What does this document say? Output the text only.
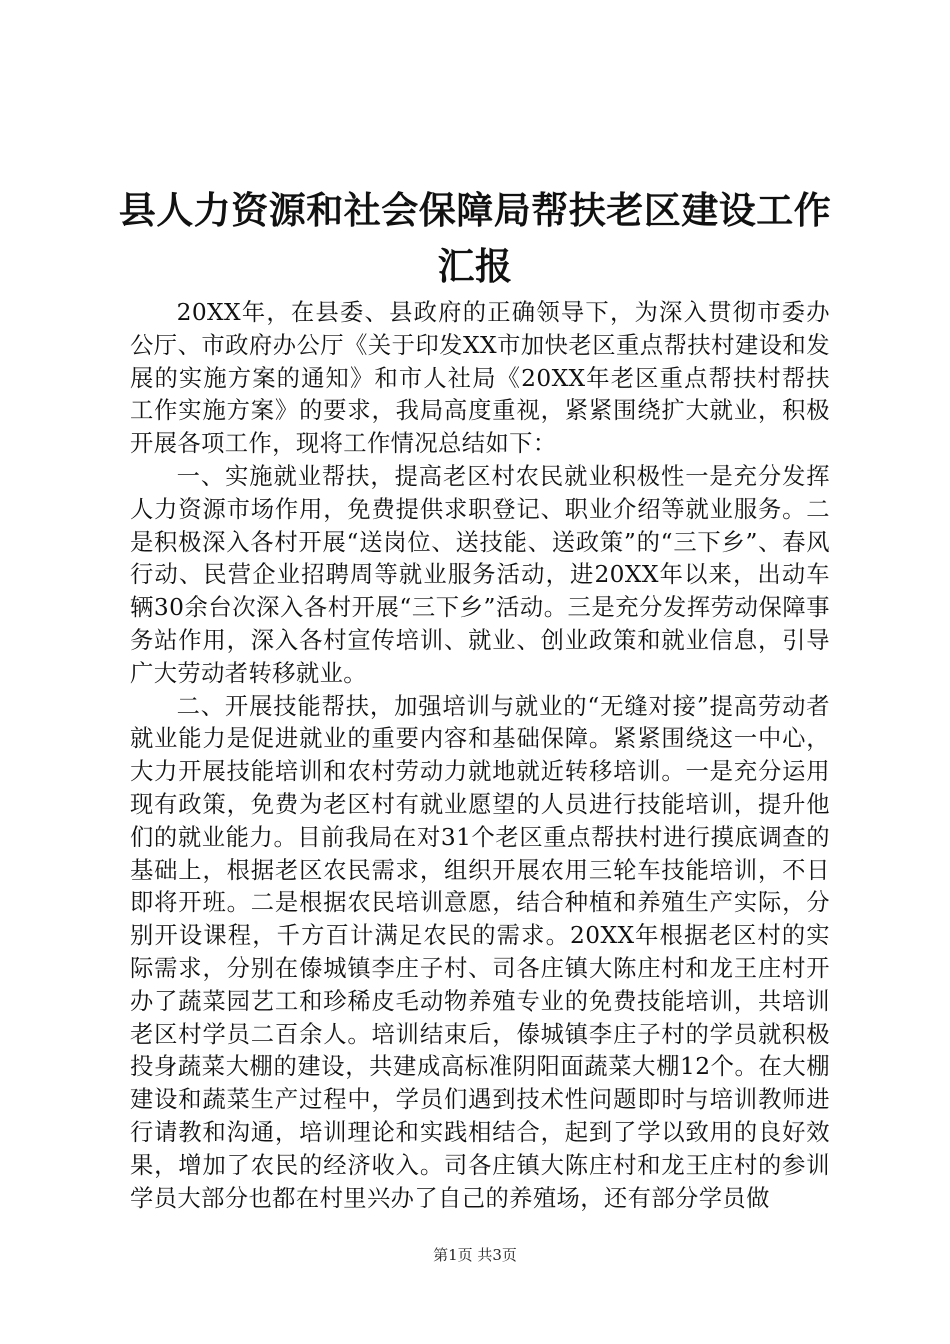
县人力资源和社会保障局帮扶老区建设工作汇报

20XX年，在县委、县政府的正确领导下，为深入贯彻市委办公厅、市政府办公厅《关于印发XX市加快老区重点帮扶村建设和发展的实施方案的通知》和市人社局《20XX年老区重点帮扶村帮扶工作实施方案》的要求，我局高度重视，紧紧围绕扩大就业，积极开展各项工作，现将工作情况总结如下：

一、实施就业帮扶，提高老区村农民就业积极性一是充分发挥人力资源市场作用，免费提供求职登记、职业介绍等就业服务。二是积极深入各村开展“送岗位、送技能、送政策”的“三下乡”、春风行动、民营企业招聘周等就业服务活动，进20XX年以来，出动车辆30余台次深入各村开展“三下乡”活动。三是充分发挥劳动保障事务站作用，深入各村宣传培训、就业、创业政策和就业信息，引导广大劳动者转移就业。

二、开展技能帮扶，加强培训与就业的“无缝对接”提高劳动者就业能力是促进就业的重要内容和基础保障。紧紧围绕这一中心，大力开展技能培训和农村劳动力就地就近转移培训。一是充分运用现有政策，免费为老区村有就业愿望的人员进行技能培训，提升他们的就业能力。目前我局在对31个老区重点帮扶村进行摸底调查的基础上，根据老区农民需求，组织开展农用三轮车技能培训，不日即将开班。二是根据农民培训意愿，结合种植和养殖生产实际，分别开设课程，千方百计满足农民的需求。20XX年根据老区村的实际需求，分别在傣城镇李庄子村、司各庄镇大陈庄村和龙王庄村开办了蔬菜园艺工和珍稀皮毛动物养殖专业的免费技能培训，共培训老区村学员二百余人。培训结束后，傣城镇李庄子村的学员就积极投身蔬菜大棚的建设，共建成高标准阴阳面蔬菜大棚12个。在大棚建设和蔬菜生产过程中，学员们遇到技术性问题即时与培训教师进行请教和沟通，培训理论和实践相结合，起到了学以致用的良好效果，增加了农民的经济收入。司各庄镇大陈庄村和龙王庄村的参训学员大部分也都在村里兴办了自己的养殖场，还有部分学员做

第1页 共3页
